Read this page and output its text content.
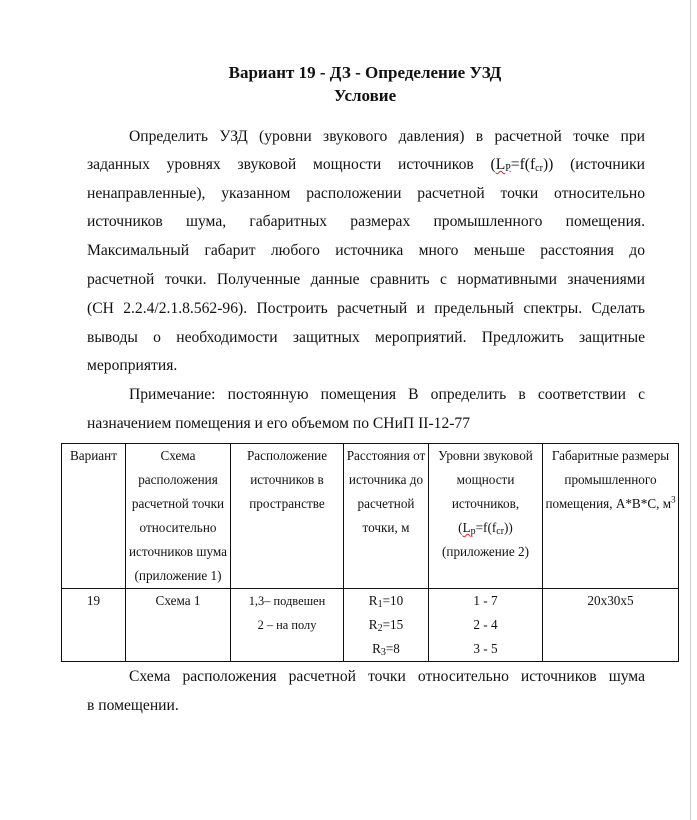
Вариант 19 - ДЗ - Определение УЗД
Условие
Определить УЗД (уровни звукового давления) в расчетной точке при
заданных уровнях звуковой мощности источников $(L_P=f(f_{cr}))$ (источники
ненаправленные), указанном расположении расчетной точки относительно
источников шума, габаритных размерах промышленного помещения.
Максимальный габарит любого источника много меньше расстояния до
расчетной точки. Полученные данные сравнить с нормативными значениями
(СН 2.2.4/2.1.8.562-96). Построить расчетный и предельный спектры. Сделать
выводы о необходимости защитных мероприятий. Предложить защитные
мероприятия.
Примечание: постоянную помещения В определить в соответствии с
назначением помещения и его объемом по СНиП II-12-77
Вариант	Схема расположения расчетной точки относительно источников шума (приложение 1)	Расположение источников в пространстве	Расстояния от источника до расчетной точки, м	Уровни звуковой мощности источников,
$(L_p=f(f_{cr}))$
(приложение 2)	Габаритные размеры промышленного помещения, А*В*С, $м^3$
19	Схема 1	1,3– подвешен
2 – на полу	$R_1=10$
$R_2=15$
$R_3=8$	1 - 7
2 - 4
3 - 5	20х30х5
Схема расположения расчетной точки относительно источников шума
в помещении.
